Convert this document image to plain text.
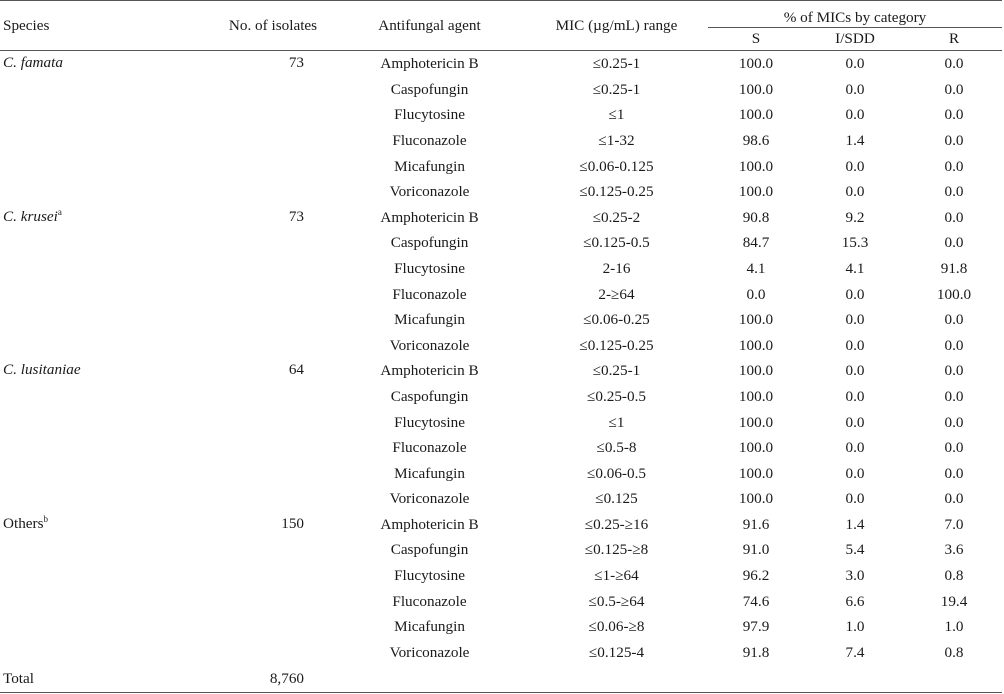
Species	No. of isolates	Antifungal agent	MIC (µg/mL) range	% of MICs by category		
				S	I/SDD	R
C. famata	73	Amphotericin B	≤0.25-1	100.0	0.0	0.0
		Caspofungin	≤0.25-1	100.0	0.0	0.0
		Flucytosine	≤1	100.0	0.0	0.0
		Fluconazole	≤1-32	98.6	1.4	0.0
		Micafungin	≤0.06-0.125	100.0	0.0	0.0
		Voriconazole	≤0.125-0.25	100.0	0.0	0.0
C. krusei$^a$	73	Amphotericin B	≤0.25-2	90.8	9.2	0.0
		Caspofungin	≤0.125-0.5	84.7	15.3	0.0
		Flucytosine	2-16	4.1	4.1	91.8
		Fluconazole	2-≥64	0.0	0.0	100.0
		Micafungin	≤0.06-0.25	100.0	0.0	0.0
		Voriconazole	≤0.125-0.25	100.0	0.0	0.0
C. lusitaniae	64	Amphotericin B	≤0.25-1	100.0	0.0	0.0
		Caspofungin	≤0.25-0.5	100.0	0.0	0.0
		Flucytosine	≤1	100.0	0.0	0.0
		Fluconazole	≤0.5-8	100.0	0.0	0.0
		Micafungin	≤0.06-0.5	100.0	0.0	0.0
		Voriconazole	≤0.125	100.0	0.0	0.0
Others$^b$	150	Amphotericin B	≤0.25-≥16	91.6	1.4	7.0
		Caspofungin	≤0.125-≥8	91.0	5.4	3.6
		Flucytosine	≤1-≥64	96.2	3.0	0.8
		Fluconazole	≤0.5-≥64	74.6	6.6	19.4
		Micafungin	≤0.06-≥8	97.9	1.0	1.0
		Voriconazole	≤0.125-4	91.8	7.4	0.8
Total	8,760					
